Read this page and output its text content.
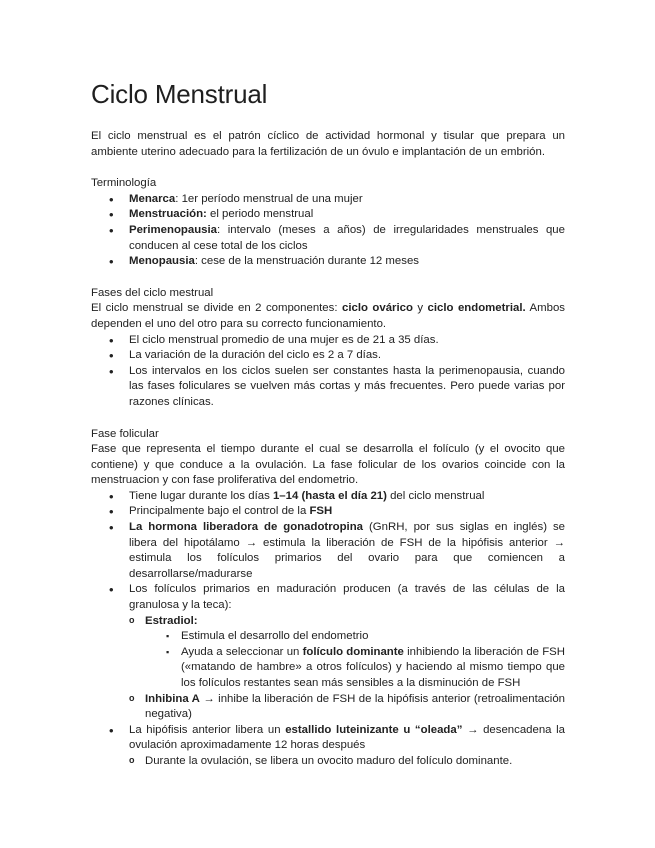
Ciclo Menstrual

El ciclo menstrual es el patrón cíclico de actividad hormonal y tisular que prepara un ambiente uterino adecuado para la fertilización de un óvulo e implantación de un embrión.

Terminología

• Menarca: 1er período menstrual de una mujer
• Menstruación: el periodo menstrual
• Perimenopausia: intervalo (meses a años) de irregularidades menstruales que conducen al cese total de los ciclos
• Menopausia: cese de la menstruación durante 12 meses

Fases del ciclo mestrual

El ciclo menstrual se divide en 2 componentes: ciclo ovárico y ciclo endometrial. Ambos dependen el uno del otro para su correcto funcionamiento.

• El ciclo menstrual promedio de una mujer es de 21 a 35 días.
• La variación de la duración del ciclo es 2 a 7 días.
• Los intervalos en los ciclos suelen ser constantes hasta la perimenopausia, cuando las fases foliculares se vuelven más cortas y más frecuentes. Pero puede varias por razones clínicas.

Fase folicular

Fase que representa el tiempo durante el cual se desarrolla el folículo (y el ovocito que contiene) y que conduce a la ovulación. La fase folicular de los ovarios coincide con la menstruacion y con fase proliferativa del endometrio.

• Tiene lugar durante los días 1–14 (hasta el día 21) del ciclo menstrual
• Principalmente bajo el control de la FSH
• La hormona liberadora de gonadotropina (GnRH, por sus siglas en inglés) se libera del hipotálamo → estimula la liberación de FSH de la hipófisis anterior → estimula los folículos primarios del ovario para que comiencen a desarrollarse/madurarse
• Los folículos primarios en maduración producen (a través de las células de la granulosa y la teca):
o Estradiol:
▪ Estimula el desarrollo del endometrio
▪ Ayuda a seleccionar un folículo dominante inhibiendo la liberación de FSH («matando de hambre» a otros folículos) y haciendo al mismo tiempo que los folículos restantes sean más sensibles a la disminución de FSH
o Inhibina A → inhibe la liberación de FSH de la hipófisis anterior (retroalimentación negativa)
• La hipófisis anterior libera un estallido luteinizante u “oleada” → desencadena la ovulación aproximadamente 12 horas después
o Durante la ovulación, se libera un ovocito maduro del folículo dominante.
